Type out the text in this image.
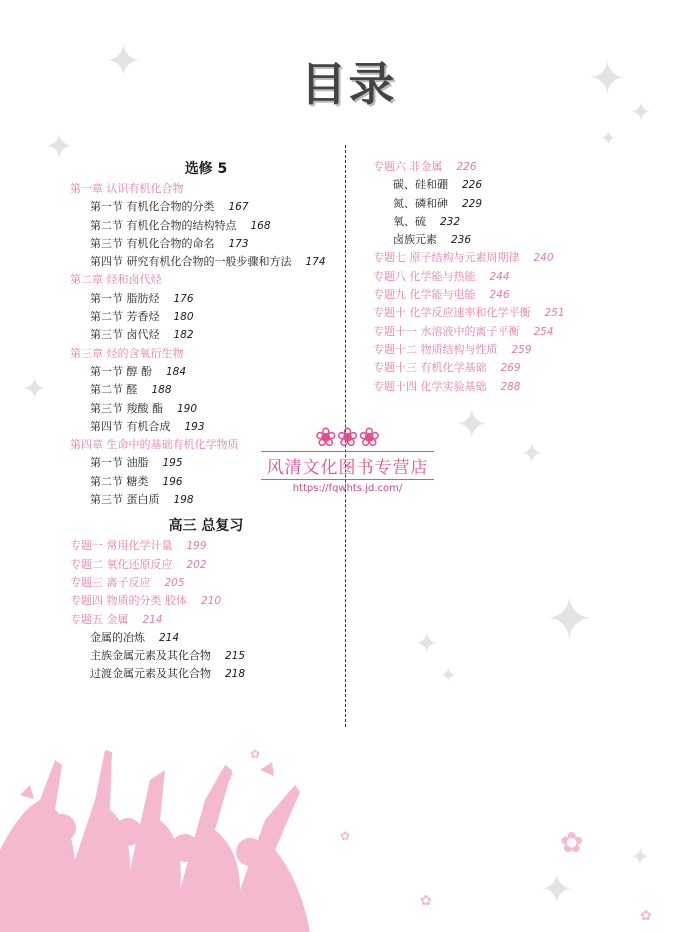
✦
✦
✦
✦
✦
✦
✦
✦
✦
✦
✦
✦
✦
目录
选修 5
第一章 认识有机化合物
第一节 有机化合物的分类 167
第二节 有机化合物的结构特点 168
第三节 有机化合物的命名 173
第四节 研究有机化合物的一般步骤和方法 174
第二章 烃和卤代烃
第一节 脂肪烃 176
第二节 芳香烃 180
第三节 卤代烃 182
第三章 烃的含氧衍生物
第一节 醇 酚 184
第二节 醛 188
第三节 羧酸 酯 190
第四节 有机合成 193
第四章 生命中的基础有机化学物质
第一节 油脂 195
第二节 糖类 196
第三节 蛋白质 198
高三 总复习
专题一 常用化学计量 199
专题二 氧化还原反应 202
专题三 离子反应 205
专题四 物质的分类 胶体 210
专题五 金属 214
金属的冶炼 214
主族金属元素及其化合物 215
过渡金属元素及其化合物 218
专题六 非金属 226
碳、硅和硼 226
氮、磷和砷 229
氧、硫 232
卤族元素 236
专题七 原子结构与元素周期律 240
专题八 化学能与热能 244
专题九 化学能与电能 246
专题十 化学反应速率和化学平衡 251
专题十一 水溶液中的离子平衡 254
专题十二 物质结构与性质 259
专题十三 有机化学基础 269
专题十四 化学实验基础 288
❀❀❀
风清文化图书专营店
https://fqwhts.jd.com/
✿
✿
✿
✿
✿
✿
